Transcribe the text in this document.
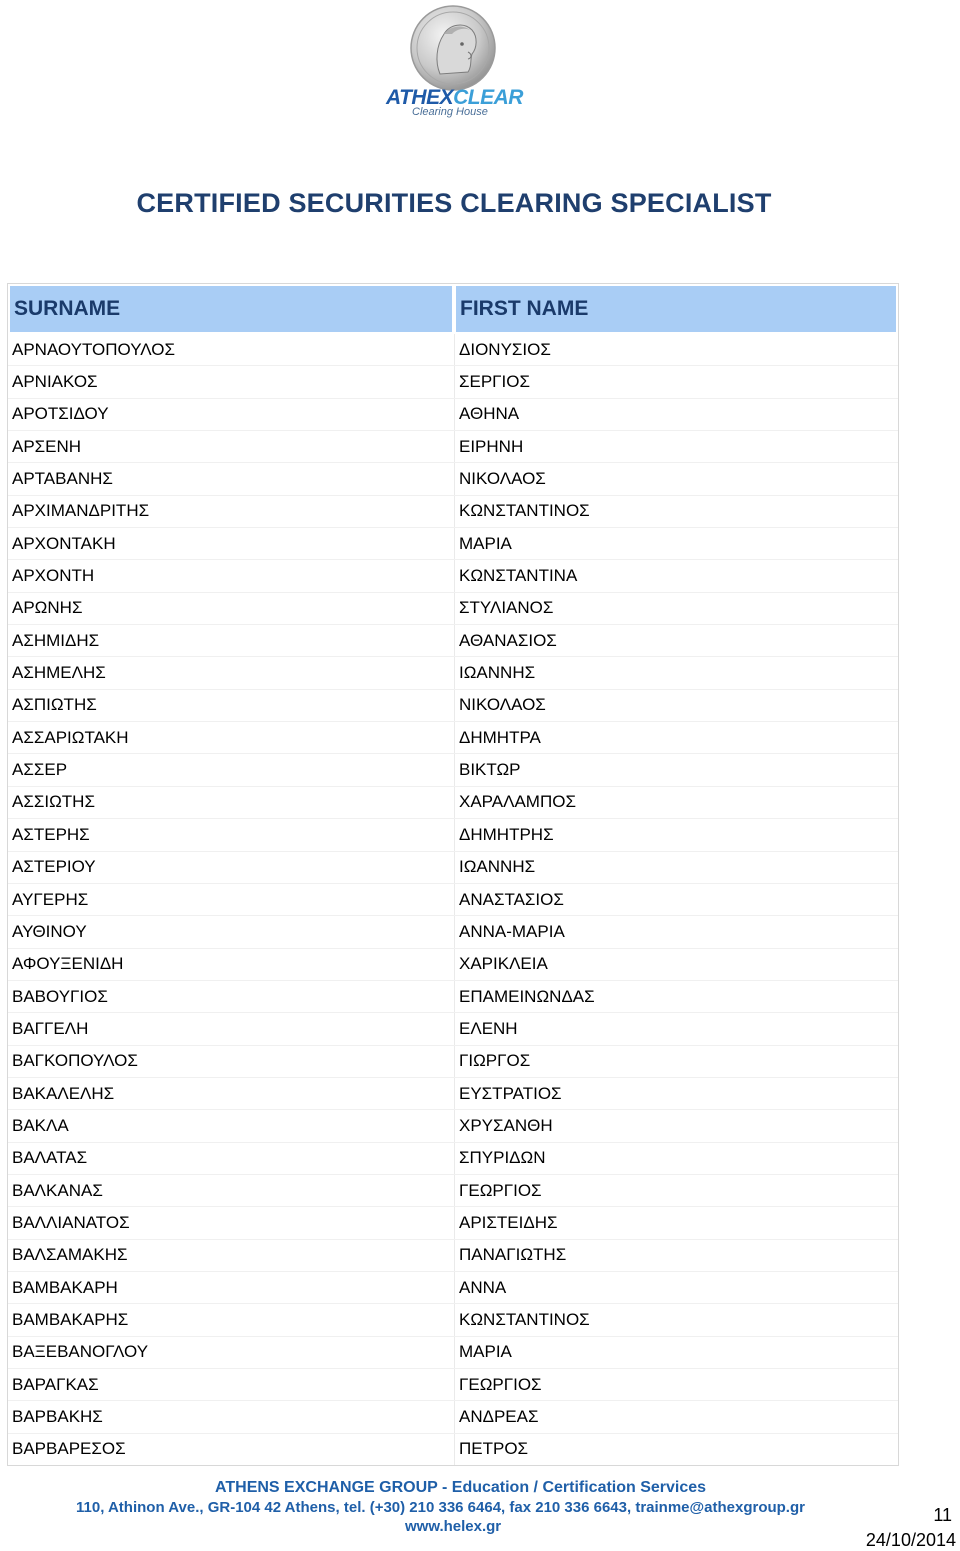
ATHEXCLEAR
Clearing House
CERTIFIED SECURITIES CLEARING SPECIALIST
SURNAME	FIRST NAME
ΑΡΝΑΟΥΤΟΠΟΥΛΟΣ	ΔΙΟΝΥΣΙΟΣ
ΑΡΝΙΑΚΟΣ	ΣΕΡΓΙΟΣ
ΑΡΟΤΣΙΔΟΥ	ΑΘΗΝΑ
ΑΡΣΕΝΗ	ΕΙΡΗΝΗ
ΑΡΤΑΒΑΝΗΣ	ΝΙΚΟΛΑΟΣ
ΑΡΧΙΜΑΝΔΡΙΤΗΣ	ΚΩΝΣΤΑΝΤΙΝΟΣ
ΑΡΧΟΝΤΑΚΗ	ΜΑΡΙΑ
ΑΡΧΟΝΤΗ	ΚΩΝΣΤΑΝΤΙΝΑ
ΑΡΩΝΗΣ	ΣΤΥΛΙΑΝΟΣ
ΑΣΗΜΙΔΗΣ	ΑΘΑΝΑΣΙΟΣ
ΑΣΗΜΕΛΗΣ	ΙΩΑΝΝΗΣ
ΑΣΠΙΩΤΗΣ	ΝΙΚΟΛΑΟΣ
ΑΣΣΑΡΙΩΤΑΚΗ	ΔΗΜΗΤΡΑ
ΑΣΣΕΡ	ΒΙΚΤΩΡ
ΑΣΣΙΩΤΗΣ	ΧΑΡΑΛΑΜΠΟΣ
ΑΣΤΕΡΗΣ	ΔΗΜΗΤΡΗΣ
ΑΣΤΕΡΙΟΥ	ΙΩΑΝΝΗΣ
ΑΥΓΕΡΗΣ	ΑΝΑΣΤΑΣΙΟΣ
ΑΥΘΙΝΟΥ	ΑΝΝΑ-ΜΑΡΙΑ
ΑΦΟΥΞΕΝΙΔΗ	ΧΑΡΙΚΛΕΙΑ
ΒΑΒΟΥΓΙΟΣ	ΕΠΑΜΕΙΝΩΝΔΑΣ
ΒΑΓΓΕΛΗ	ΕΛΕΝΗ
ΒΑΓΚΟΠΟΥΛΟΣ	ΓΙΩΡΓΟΣ
ΒΑΚΑΛΕΛΗΣ	ΕΥΣΤΡΑΤΙΟΣ
ΒΑΚΛΑ	ΧΡΥΣΑΝΘΗ
ΒΑΛΑΤΑΣ	ΣΠΥΡΙΔΩΝ
ΒΑΛΚΑΝΑΣ	ΓΕΩΡΓΙΟΣ
ΒΑΛΛΙΑΝΑΤΟΣ	ΑΡΙΣΤΕΙΔΗΣ
ΒΑΛΣΑΜΑΚΗΣ	ΠΑΝΑΓΙΩΤΗΣ
ΒΑΜΒΑΚΑΡΗ	ΑΝΝΑ
ΒΑΜΒΑΚΑΡΗΣ	ΚΩΝΣΤΑΝΤΙΝΟΣ
ΒΑΞΕΒΑΝΟΓΛΟΥ	ΜΑΡΙΑ
ΒΑΡΑΓΚΑΣ	ΓΕΩΡΓΙΟΣ
ΒΑΡΒΑΚΗΣ	ΑΝΔΡΕΑΣ
ΒΑΡΒΑΡΕΣΟΣ	ΠΕΤΡΟΣ
ATHENS EXCHANGE GROUP - Education / Certification Services
110, Athinon Ave., GR-104 42 Athens, tel. (+30) 210 336 6464, fax 210 336 6643, trainme@athexgroup.gr
www.helex.gr
11
24/10/2014
